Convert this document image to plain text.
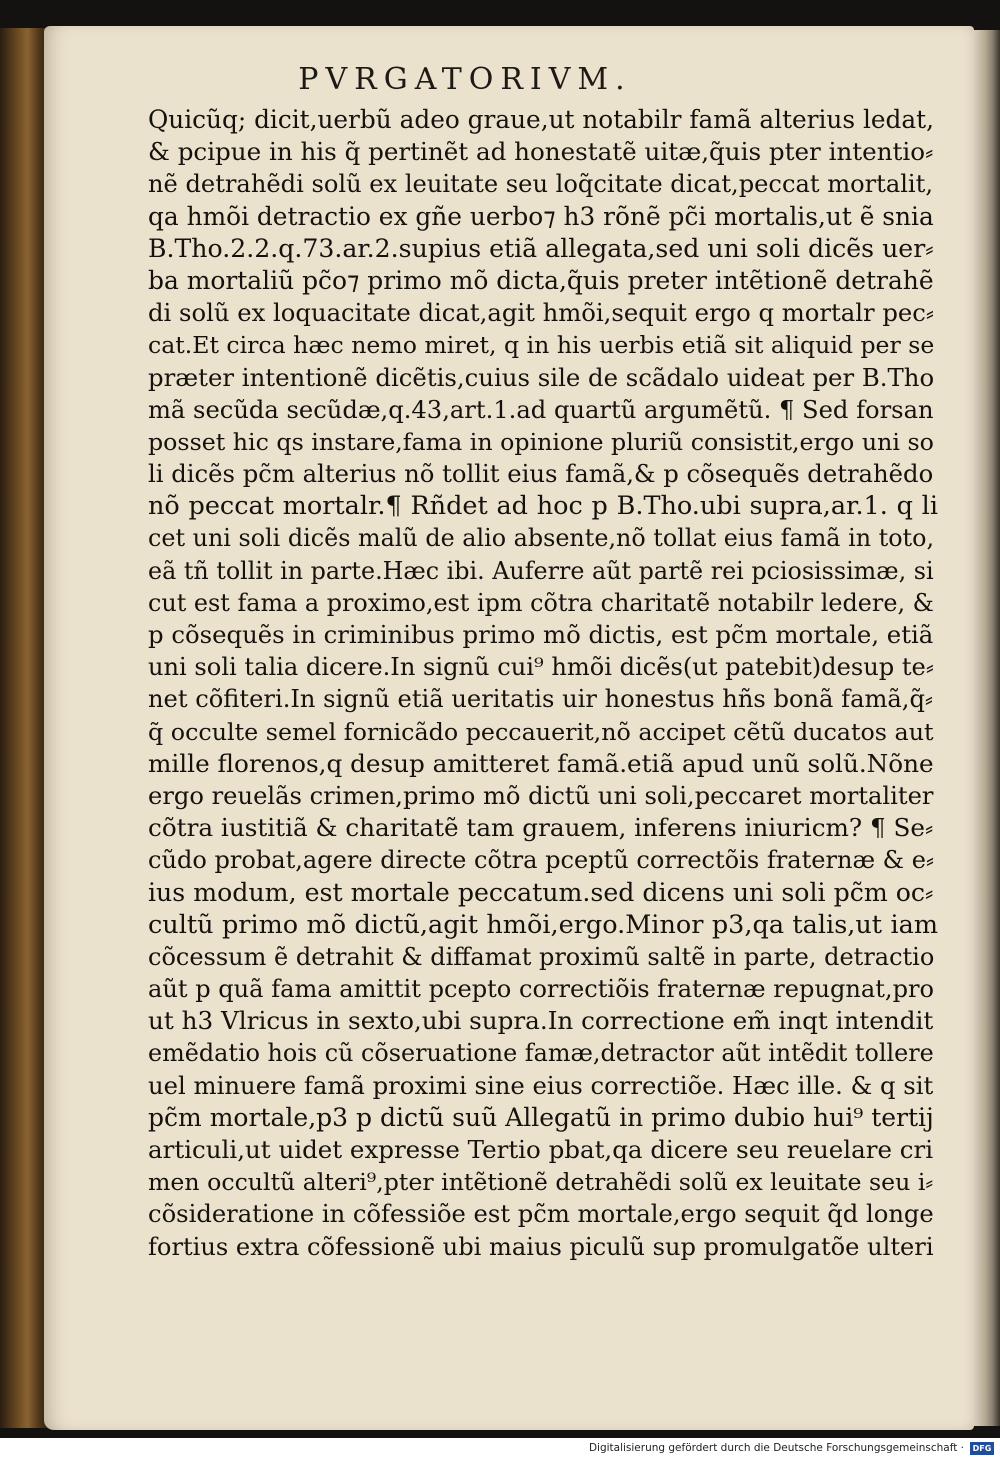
PVRGATORIVM.
Quicũq; dicit,uerbũ adeo graue,ut notabilr famã alterius ledat,
& pcipue in his q̃ pertinẽt ad honestatẽ uitæ,q̃uis pter intentio⸗
nẽ detrahẽdi solũ ex leuitate seu loq̃citate dicat,peccat mortalit,
qa hmõi detractio ex gñe uerbo⁊ h3 rõnẽ pc̃i mortalis,ut ẽ snia
B.Tho.2.2.q.73.ar.2.supius etiã allegata,sed uni soli dicẽs uer⸗
ba mortaliũ pc̃o⁊ primo mõ dicta,q̃uis preter intẽtionẽ detrahẽ
di solũ ex loquacitate dicat,agit hmõi,sequit ergo q mortalr pec⸗
cat.Et circa hæc nemo miret, q in his uerbis etiã sit aliquid per se
præter intentionẽ dicẽtis,cuius sile de scãdalo uideat per B.Tho
mã secũda secũdæ,q.43,art.1.ad quartũ argumẽtũ. ¶ Sed forsan
posset hic qs instare,fama in opinione pluriũ consistit,ergo uni so
li dicẽs pc̃m alterius nõ tollit eius famã,& p cõsequẽs detrahẽdo
nõ peccat mortalr.¶ Rñdet ad hoc p B.Tho.ubi supra,ar.1. q li
cet uni soli dicẽs malũ de alio absente,nõ tollat eius famã in toto,
eã tñ tollit in parte.Hæc ibi. Auferre aũt partẽ rei pciosissimæ, si
cut est fama a proximo,est ipm cõtra charitatẽ notabilr ledere, &
p cõsequẽs in criminibus primo mõ dictis, est pc̃m mortale, etiã
uni soli talia dicere.In signũ cui⁹ hmõi dicẽs(ut patebit)desup te⸗
net cõfiteri.In signũ etiã ueritatis uir honestus hñs bonã famã,q̃⸗
q̃ occulte semel fornicãdo peccauerit,nõ accipet cẽtũ ducatos aut
mille florenos,q desup amitteret famã.etiã apud unũ solũ.Nõne
ergo reuelãs crimen,primo mõ dictũ uni soli,peccaret mortaliter
cõtra iustitiã & charitatẽ tam grauem, inferens iniuricm? ¶ Se⸗
cũdo probat,agere directe cõtra pceptũ correctõis fraternæ & e⸗
ius modum, est mortale peccatum.sed dicens uni soli pc̃m oc⸗
cultũ primo mõ dictũ,agit hmõi,ergo.Minor p3,qa talis,ut iam
cõcessum ẽ detrahit & diffamat proximũ saltẽ in parte, detractio
aũt p quã fama amittit pcepto correctiõis fraternæ repugnat,pro
ut h3 Vlricus in sexto,ubi supra.In correctione em̃ inqt intendit
emẽdatio hois cũ cõseruatione famæ,detractor aũt intẽdit tollere
uel minuere famã proximi sine eius correctiõe. Hæc ille. & q sit
pc̃m mortale,p3 p dictũ suũ Allegatũ in primo dubio hui⁹ tertij
articuli,ut uidet expresse Tertio pbat,qa dicere seu reuelare cri
men occultũ alteri⁹,pter intẽtionẽ detrahẽdi solũ ex leuitate seu i⸗
cõsideratione in cõfessiõe est pc̃m mortale,ergo sequit q̃d longe
fortius extra cõfessionẽ ubi maius piculũ sup promulgatõe ulteri
Digitalisierung gefördert durch die Deutsche Forschungsgemeinschaft ·	DFG
